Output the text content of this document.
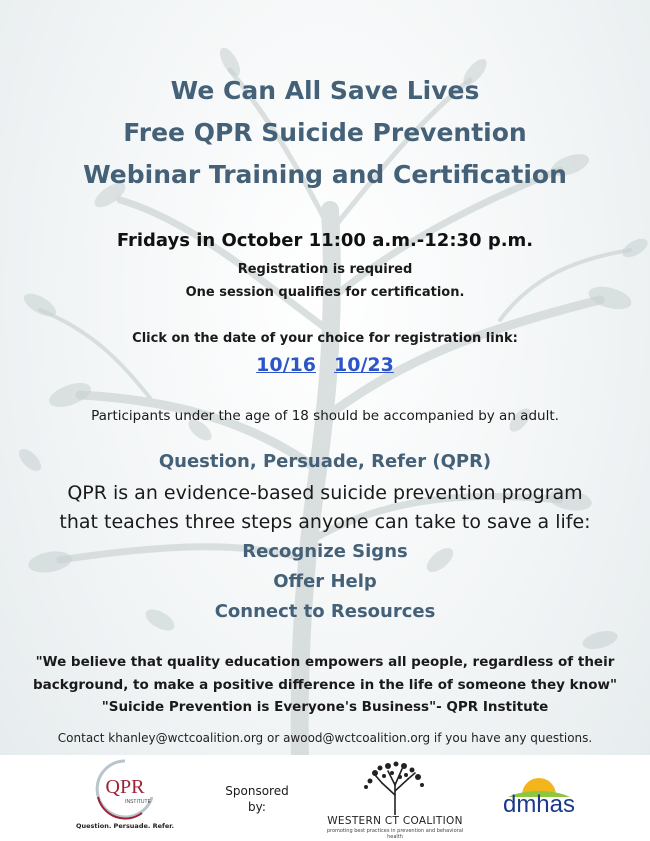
We Can All Save Lives
Free QPR Suicide Prevention
Webinar Training and Certification
Fridays in October 11:00 a.m.-12:30 p.m.
Registration is required
One session qualifies for certification.
Click on the date of your choice for registration link:
10/16 10/23
Participants under the age of 18 should be accompanied by an adult.
Question, Persuade, Refer (QPR)
QPR is an evidence-based suicide prevention program
that teaches three steps anyone can take to save a life:
Recognize Signs
Offer Help
Connect to Resources
"We believe that quality education empowers all people, regardless of their
background, to make a positive difference in the life of someone they know"
"Suicide Prevention is Everyone's Business"- QPR Institute
Contact khanley@wctcoalition.org or awood@wctcoalition.org if you have any questions.
QPR
INSTITUTE
Question. Persuade. Refer.
Sponsored
by:
WESTERN CT COALITION
promoting best practices in prevention and behavioral health
dmhas
